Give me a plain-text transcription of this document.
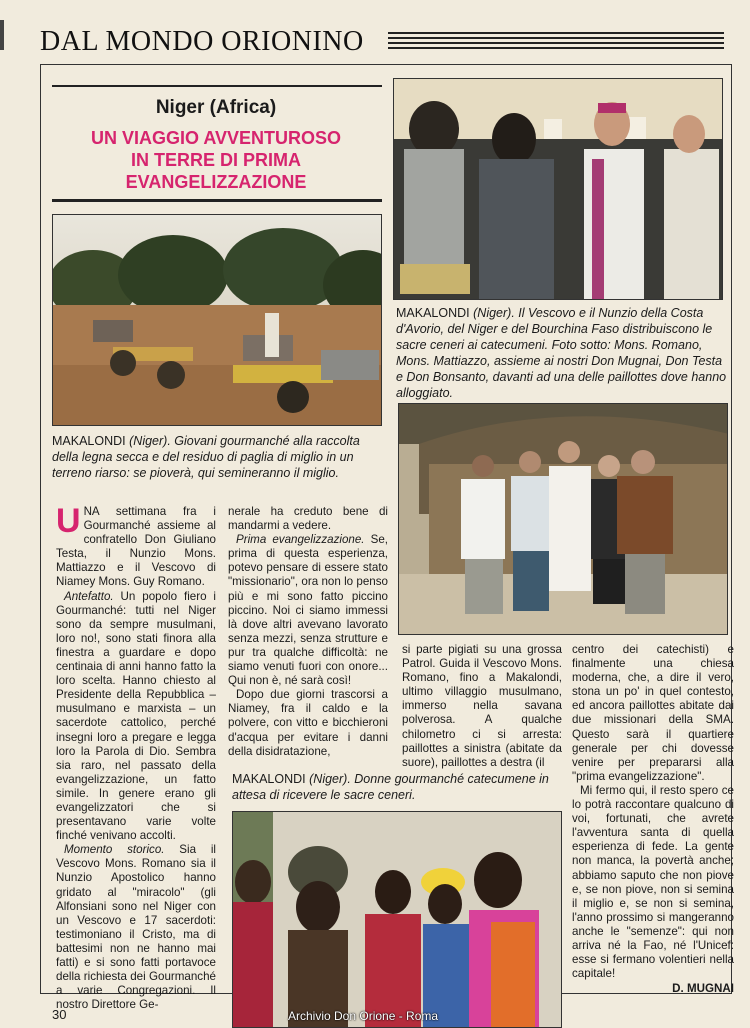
DAL MONDO ORIONINO
Niger (Africa)
UN VIAGGIO AVVENTUROSO
IN TERRE DI PRIMA
EVANGELIZZAZIONE
MAKALONDI (Niger). Giovani gourmanché alla raccolta della legna secca e del residuo di paglia di miglio in un terreno riarso: se pioverà, qui semineranno il miglio.
MAKALONDI (Niger). Il Vescovo e il Nunzio della Costa d'Avorio, del Niger e del Bourchina Faso distribuiscono le sacre ceneri ai catecumeni. Foto sotto: Mons. Romano, Mons. Mattiazzo, assieme ai nostri Don Mugnai, Don Testa e Don Bonsanto, davanti ad una delle paillottes dove hanno alloggiato.
MAKALONDI (Niger). Donne gourmanché catecumene in attesa di ricevere le sacre ceneri.

UNA settimana fra i Gourmanché assieme al confratello Don Giuliano Testa, il Nunzio Mons. Mattiazzo e il Vescovo di Niamey Mons. Guy Romano.

Antefatto. Un popolo fiero i Gourmanché: tutti nel Niger sono da sempre musulmani, loro no!, sono stati finora alla finestra a guardare e dopo centinaia di anni hanno fatto la loro scelta. Hanno chiesto al Presidente della Repubblica – musulmano e marxista – un sacerdote cattolico, perché insegni loro a pregare e legga loro la Parola di Dio. Sembra sia raro, nel passato della evangelizzazione, un fatto simile. In genere erano gli evangelizzatori che si presentavano varie volte finché venivano accolti.

Momento storico. Sia il Vescovo Mons. Romano sia il Nunzio Apostolico hanno gridato al "miracolo" (gli Alfonsiani sono nel Niger con un Vescovo e 17 sacerdoti: testimoniano il Cristo, ma di battesimi non ne hanno mai fatti) e si sono fatti portavoce della richiesta dei Gourmanché a varie Congregazioni. Il nostro Direttore Ge-

nerale ha creduto bene di mandarmi a vedere.

Prima evangelizzazione. Se, prima di questa esperienza, potevo pensare di essere stato "missionario", ora non lo penso più e mi sono fatto piccino piccino. Noi ci siamo immessi là dove altri avevano lavorato senza mezzi, senza strutture e pur tra qualche difficoltà: ne siamo venuti fuori con onore... Qui non è, né sarà così!

Dopo due giorni trascorsi a Niamey, fra il caldo e la polvere, con vitto e bicchieroni d'acqua per evitare i danni della disidratazione,

si parte pigiati su una grossa Patrol. Guida il Vescovo Mons. Romano, fino a Makalondi, ultimo villaggio musulmano, immerso nella savana polverosa. A qualche chilometro ci si arresta: paillottes a sinistra (abitate da suore), paillottes a destra (il

centro dei catechisti) e finalmente una chiesa moderna, che, a dire il vero, stona un po' in quel contesto, ed ancora paillottes abitate dai due missionari della SMA. Questo sarà il quartiere generale per chi dovesse venire per prepararsi alla "prima evangelizzazione".

Mi fermo qui, il resto spero ce lo potrà raccontare qualcuno di voi, fortunati, che avrete l'avventura santa di quella esperienza di fede. La gente non manca, la povertà anche; abbiamo saputo che non piove e, se non piove, non si semina il miglio e, se non si semina, l'anno prossimo si mangeranno anche le "semenze": qui non arriva né la Fao, né l'Unicef: esse si fermano volentieri nella capitale!

D. MUGNAI
30	Archivio Don Orione - Roma
